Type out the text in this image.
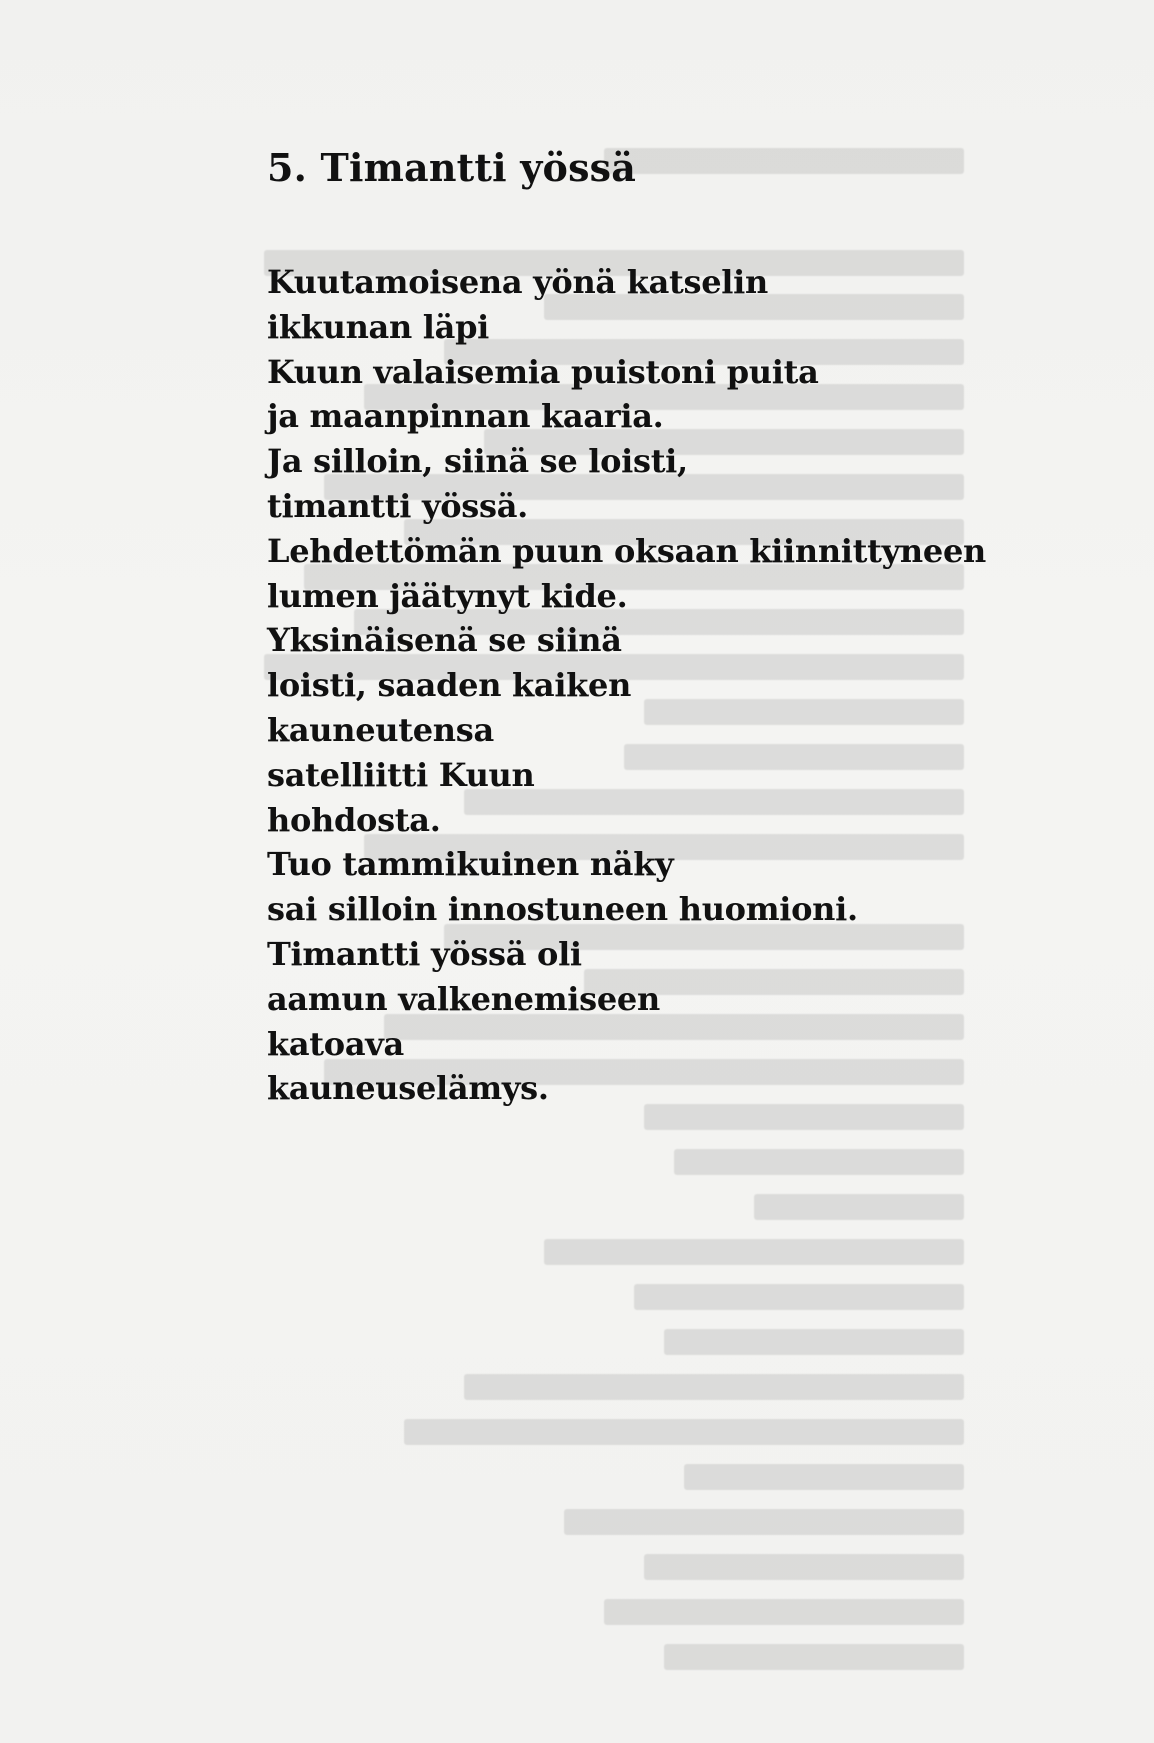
5. Timantti yössä
Kuutamoisena yönä katselin
ikkunan läpi
Kuun valaisemia puistoni puita
ja maanpinnan kaaria.
Ja silloin, siinä se loisti,
timantti yössä.
Lehdettömän puun oksaan kiinnittyneen
lumen jäätynyt kide.
Yksinäisenä se siinä
loisti, saaden kaiken
kauneutensa
satelliitti Kuun
hohdosta.
Tuo tammikuinen näky
sai silloin innostuneen huomioni.
Timantti yössä oli
aamun valkenemiseen
katoava
kauneuselämys.
